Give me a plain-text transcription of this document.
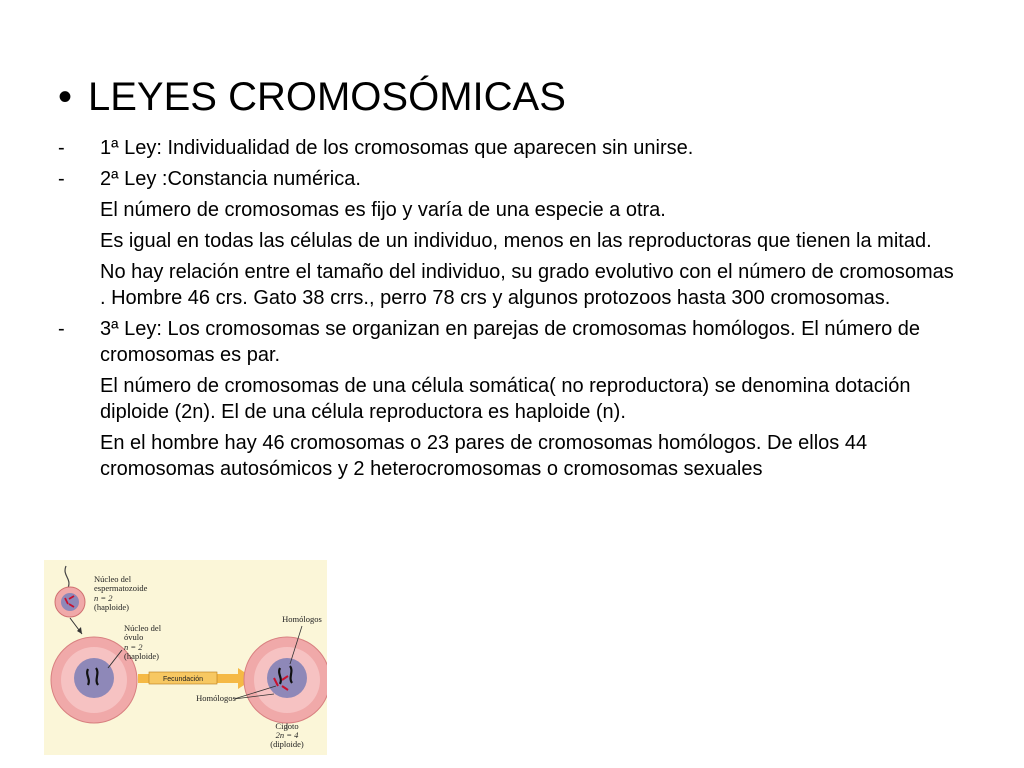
• LEYES CROMOSÓMICAS
- 1ª Ley: Individualidad de los cromosomas que aparecen sin unirse.
- 2ª Ley :Constancia numérica.
El número de cromosomas es fijo y varía de una especie a otra.
Es igual en todas las células de un individuo, menos en las reproductoras que tienen la mitad.
No hay relación entre el tamaño del individuo, su grado evolutivo con el número de cromosomas . Hombre 46 crs. Gato 38 crrs., perro 78 crs y algunos protozoos hasta 300 cromosomas.
- 3ª Ley: Los cromosomas se organizan en parejas de cromosomas homólogos. El número de cromosomas es par.
El número de cromosomas de una célula somática( no reproductora) se denomina dotación diploide (2n). El de una célula reproductora es haploide (n).
En el hombre hay 46 cromosomas o 23 pares de cromosomas homólogos. De ellos 44 cromosomas autosómicos y 2 heterocromosomas o cromosomas sexuales
Núcleo del
espermatozoide
n = 2
(haploide)
Núcleo del
óvulo
n = 2
(haploide)
Fecundación
Homólogos
Homólogos
Cigoto
2n = 4
(diploide)
